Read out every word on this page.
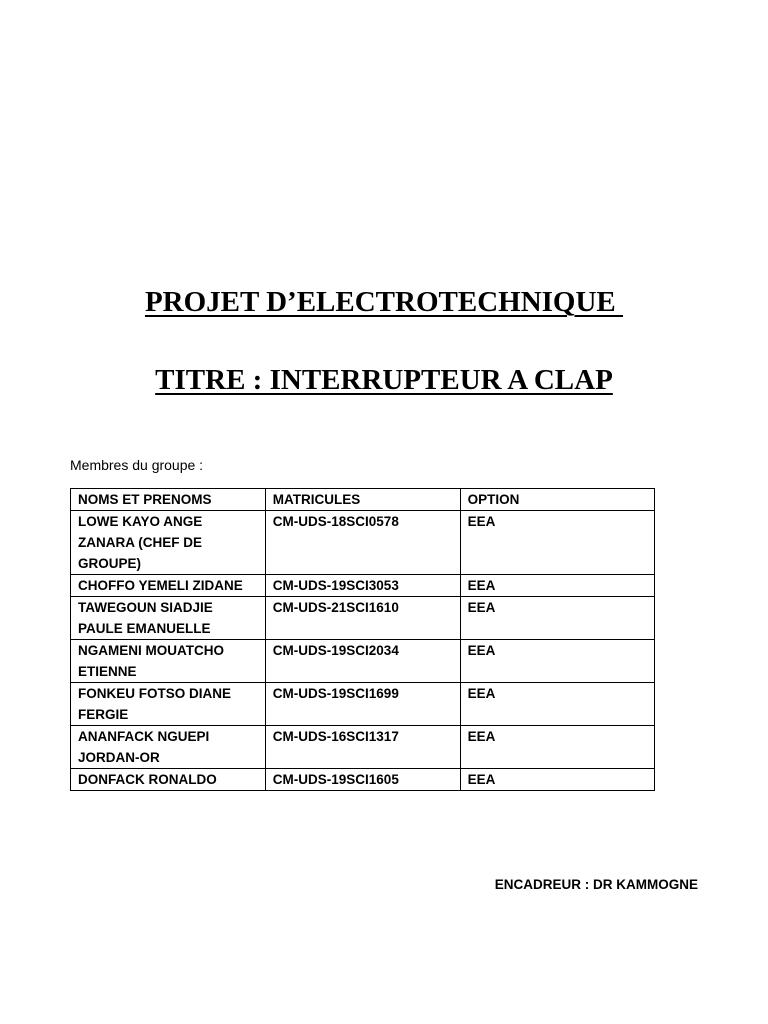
PROJET D’ELECTROTECHNIQUE
TITRE : INTERRUPTEUR A CLAP

Membres du groupe :

NOMS ET PRENOMS	MATRICULES	OPTION
LOWE KAYO ANGE ZANARA (CHEF DE GROUPE)	CM-UDS-18SCI0578	EEA
CHOFFO YEMELI ZIDANE	CM-UDS-19SCI3053	EEA
TAWEGOUN SIADJIE PAULE EMANUELLE	CM-UDS-21SCI1610	EEA
NGAMENI MOUATCHO ETIENNE	CM-UDS-19SCI2034	EEA
FONKEU FOTSO DIANE FERGIE	CM-UDS-19SCI1699	EEA
ANANFACK NGUEPI JORDAN-OR	CM-UDS-16SCI1317	EEA
DONFACK RONALDO	CM-UDS-19SCI1605	EEA

ENCADREUR : DR KAMMOGNE
